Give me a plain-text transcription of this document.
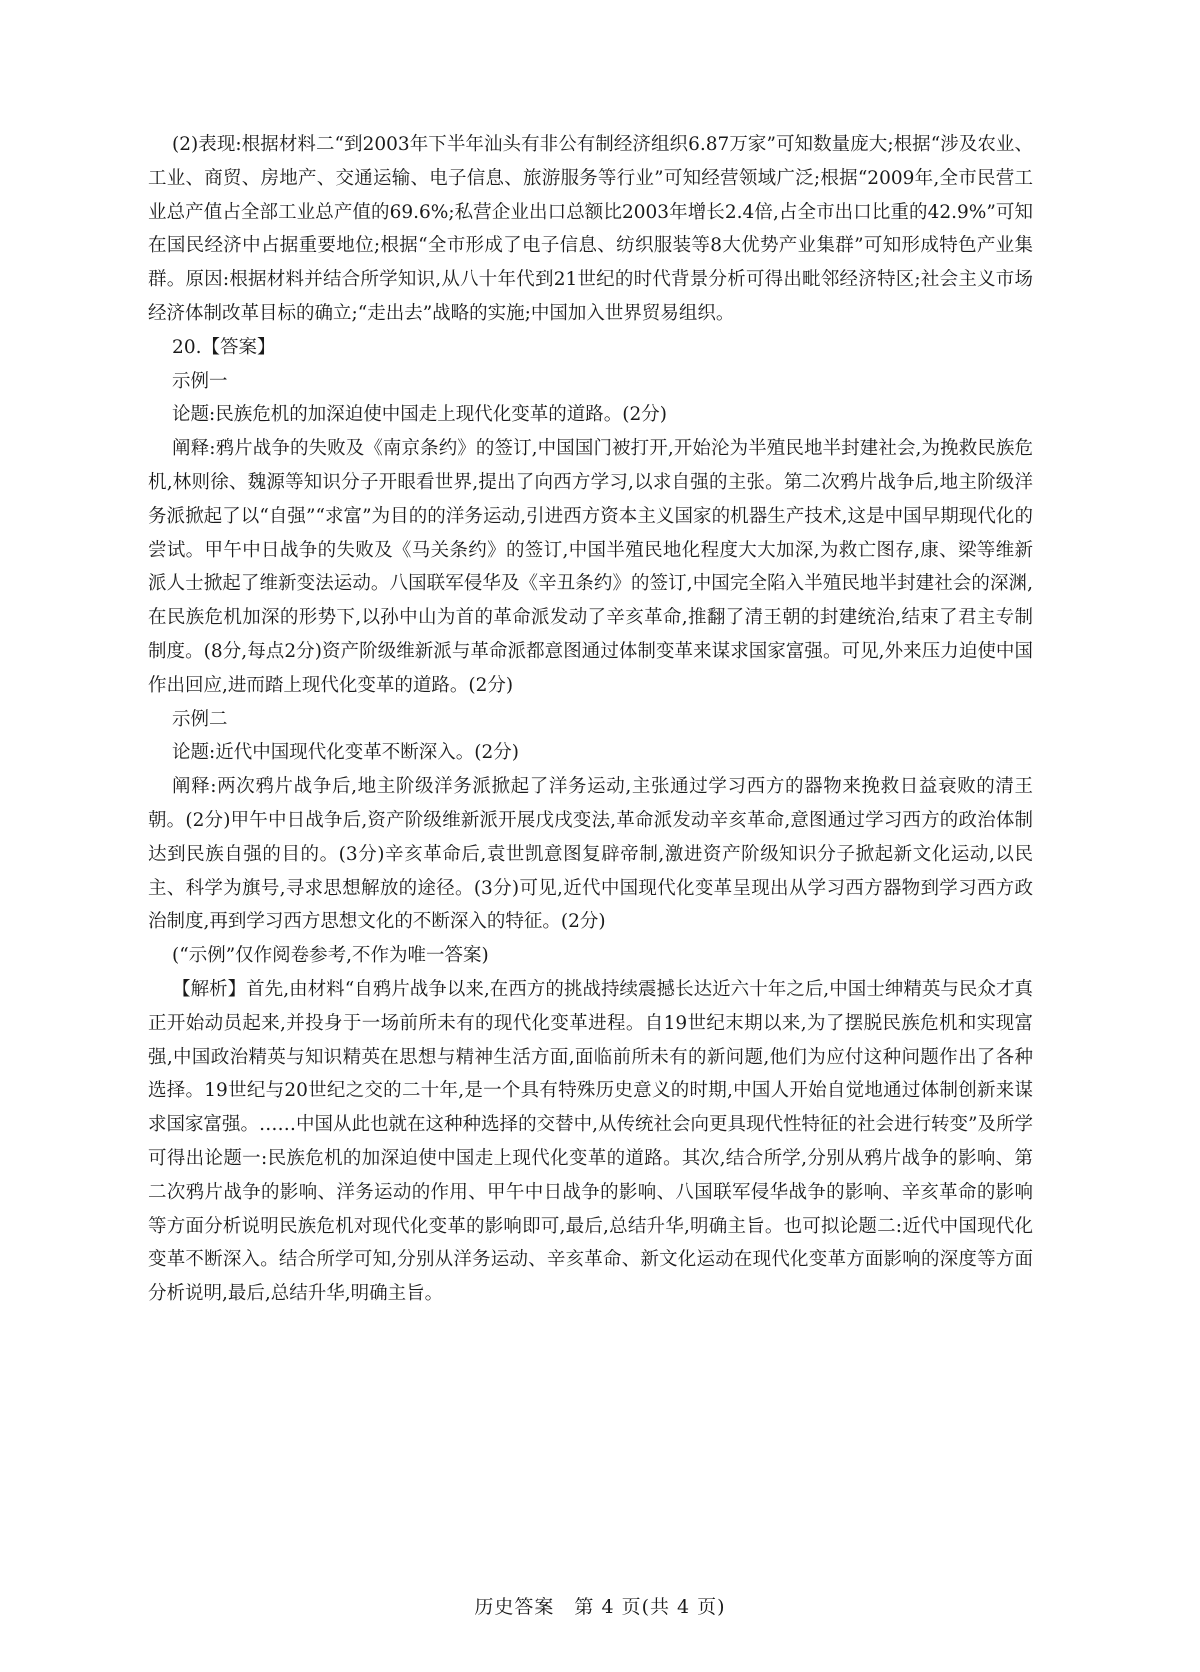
(2)表现:根据材料二“到2003年下半年汕头有非公有制经济组织6.87万家”可知数量庞大;根据“涉及农业、工业、商贸、房地产、交通运输、电子信息、旅游服务等行业”可知经营领域广泛;根据“2009年,全市民营工业总产值占全部工业总产值的69.6%;私营企业出口总额比2003年增长2.4倍,占全市出口比重的42.9%”可知在国民经济中占据重要地位;根据“全市形成了电子信息、纺织服装等8大优势产业集群”可知形成特色产业集群。原因:根据材料并结合所学知识,从八十年代到21世纪的时代背景分析可得出毗邻经济特区;社会主义市场经济体制改革目标的确立;“走出去”战略的实施;中国加入世界贸易组织。

20.【答案】

示例一

论题:民族危机的加深迫使中国走上现代化变革的道路。(2分)

阐释:鸦片战争的失败及《南京条约》的签订,中国国门被打开,开始沦为半殖民地半封建社会,为挽救民族危机,林则徐、魏源等知识分子开眼看世界,提出了向西方学习,以求自强的主张。第二次鸦片战争后,地主阶级洋务派掀起了以“自强”“求富”为目的的洋务运动,引进西方资本主义国家的机器生产技术,这是中国早期现代化的尝试。甲午中日战争的失败及《马关条约》的签订,中国半殖民地化程度大大加深,为救亡图存,康、梁等维新派人士掀起了维新变法运动。八国联军侵华及《辛丑条约》的签订,中国完全陷入半殖民地半封建社会的深渊,在民族危机加深的形势下,以孙中山为首的革命派发动了辛亥革命,推翻了清王朝的封建统治,结束了君主专制制度。(8分,每点2分)资产阶级维新派与革命派都意图通过体制变革来谋求国家富强。可见,外来压力迫使中国作出回应,进而踏上现代化变革的道路。(2分)

示例二

论题:近代中国现代化变革不断深入。(2分)

阐释:两次鸦片战争后,地主阶级洋务派掀起了洋务运动,主张通过学习西方的器物来挽救日益衰败的清王朝。(2分)甲午中日战争后,资产阶级维新派开展戊戌变法,革命派发动辛亥革命,意图通过学习西方的政治体制达到民族自强的目的。(3分)辛亥革命后,袁世凯意图复辟帝制,激进资产阶级知识分子掀起新文化运动,以民主、科学为旗号,寻求思想解放的途径。(3分)可见,近代中国现代化变革呈现出从学习西方器物到学习西方政治制度,再到学习西方思想文化的不断深入的特征。(2分)

(“示例”仅作阅卷参考,不作为唯一答案)

【解析】首先,由材料“自鸦片战争以来,在西方的挑战持续震撼长达近六十年之后,中国士绅精英与民众才真正开始动员起来,并投身于一场前所未有的现代化变革进程。自19世纪末期以来,为了摆脱民族危机和实现富强,中国政治精英与知识精英在思想与精神生活方面,面临前所未有的新问题,他们为应付这种问题作出了各种选择。19世纪与20世纪之交的二十年,是一个具有特殊历史意义的时期,中国人开始自觉地通过体制创新来谋求国家富强。……中国从此也就在这种种选择的交替中,从传统社会向更具现代性特征的社会进行转变”及所学可得出论题一:民族危机的加深迫使中国走上现代化变革的道路。其次,结合所学,分别从鸦片战争的影响、第二次鸦片战争的影响、洋务运动的作用、甲午中日战争的影响、八国联军侵华战争的影响、辛亥革命的影响等方面分析说明民族危机对现代化变革的影响即可,最后,总结升华,明确主旨。也可拟论题二:近代中国现代化变革不断深入。结合所学可知,分别从洋务运动、辛亥革命、新文化运动在现代化变革方面影响的深度等方面分析说明,最后,总结升华,明确主旨。

历史答案　第 4 页(共 4 页)
